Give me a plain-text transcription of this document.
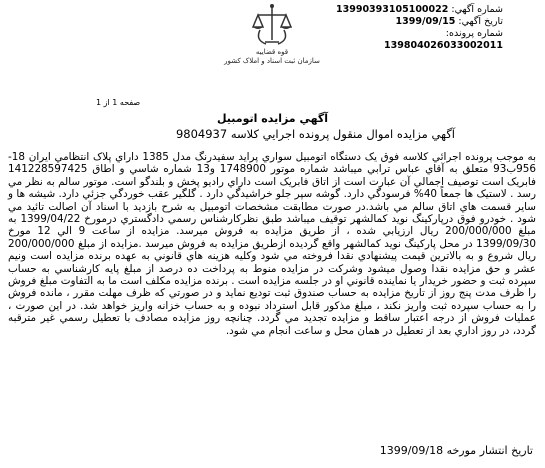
شماره آگهي: 13990393105100022
تاريخ آگهي: 1399/09/15
شماره پرونده:
139804026033002011
قوه قضاييه
سازمان ثبت اسناد و املاک کشور
صفحه 1 از 1
آگهي مزايده اتومبيل
آگهي مزايده اموال منقول پرونده اجرايي کلاسه 9804937

به موجب پرونده اجرائي کلاسه فوق يک دستگاه اتومبيل سواري پرايد سفيدرنگ مدل 1385 داراي پلاک انتظامي ايران 18-956ب93 متعلق به آقاي عباس ترابي ميباشد شماره موتور 1748900 و13 شماره شاسي و اطاق 141228597425 فابريک است توصيف اجمالي آن عبارت است از اتاق فابريک است داراي راديو پخش و بلندگو است. موتور سالم به نظر مي رسد . لاستيک ها جمعاً 40% فرسودگي دارد. گوشه سپر جلو خراشيدگي دارد . گلگير عقب خوردگي جزئي دارد. شيشه ها و ساير قسمت هاي اتاق سالم مي باشد.در صورت مطابقت مشخصات اتومبيل به شرح بازديد با اسناد آن اصالت تائيد مي شود . خودرو فوق درپارکينگ نويد کمالشهر توقيف ميباشد طبق نظرکارشناس رسمي دادگستري درمورخ 1399/04/22 به مبلغ 200/000/000 ريال ارزيابي شده ، از طريق مزايده به فروش ميرسد. مزايده از ساعت 9 الي 12 مورخ 1399/09/30 در محل پارکينگ نويد کمالشهر واقع گرديده ازطريق مزايده به فروش ميرسد .مزايده از مبلغ 200/000/000 ريال شروع و به بالاترين قيمت پيشنهادي نقدا فروخته مي شود وکليه هزينه هاي قانوني به عهده برنده مزايده است ونيم عشر و حق مزايده نقدا وصول ميشود وشرکت در مزايده منوط به پرداخت ده درصد از مبلغ پايه کارشناسي به حساب سپرده ثبت و حضور خريدار يا نماينده قانوني او در جلسه مزايده است . برنده مزايده مکلف است ما به التفاوت مبلغ فروش را ظرف مدت پنج روز از تاريخ مزايده به حساب صندوق ثبت توديع نمايد و در صورتي که ظرف مهلت مقرر ، مانده فروش را به حساب سپرده ثبت واريز نکند ، مبلغ مذکور قابل استرداد نبوده و به حساب خزانه واريز خواهد شد. در اين صورت ، عمليات فروش از درجه اعتبار ساقط و مزايده تجديد مي گردد. چنانچه روز مزايده مصادف با تعطيل رسمي غير مترقبه گردد، در روز اداري بعد از تعطيل در همان محل و ساعت انجام مي شود.

تاريخ انتشار مورخه 1399/09/18
